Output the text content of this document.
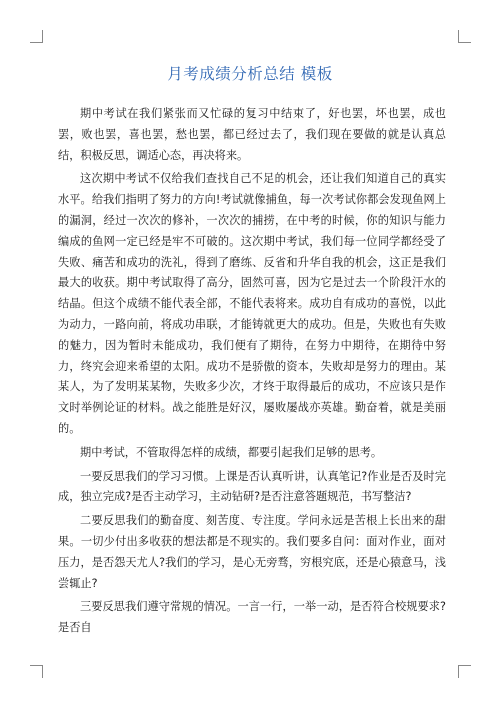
月考成绩分析总结 模板

期中考试在我们紧张而又忙碌的复习中结束了，好也罢，坏也罢，成也罢，败也罢，喜也罢，愁也罢，都已经过去了，我们现在要做的就是认真总结，积极反思，调适心态，再决将来。

这次期中考试不仅给我们查找自己不足的机会，还让我们知道自己的真实水平。给我们指明了努力的方向!考试就像捕鱼，每一次考试你都会发现鱼网上的漏洞，经过一次次的修补，一次次的捕捞，在中考的时候，你的知识与能力编成的鱼网一定已经是牢不可破的。这次期中考试，我们每一位同学都经受了失败、痛苦和成功的洗礼，得到了磨练、反省和升华自我的机会，这正是我们最大的收获。期中考试取得了高分，固然可喜，因为它是过去一个阶段汗水的结晶。但这个成绩不能代表全部，不能代表将来。成功自有成功的喜悦，以此为动力，一路向前，将成功串联，才能铸就更大的成功。但是，失败也有失败的魅力，因为暂时未能成功，我们便有了期待，在努力中期待，在期待中努力，终究会迎来希望的太阳。成功不是骄傲的资本，失败却是努力的理由。某某人，为了发明某某物，失败多少次，才终于取得最后的成功，不应该只是作文时举例论证的材料。战之能胜是好汉，屡败屡战亦英雄。勤奋着，就是美丽的。

期中考试，不管取得怎样的成绩，都要引起我们足够的思考。

一要反思我们的学习习惯。上课是否认真听讲，认真笔记?作业是否及时完成，独立完成?是否主动学习，主动钻研?是否注意答题规范，书写整洁?

二要反思我们的勤奋度、刻苦度、专注度。学问永远是苦根上长出来的甜果。一切少付出多收获的想法都是不现实的。我们要多自问：面对作业，面对压力，是否怨天尤人?我们的学习，是心无旁骛，穷根究底，还是心猿意马，浅尝辄止?

三要反思我们遵守常规的情况。一言一行，一举一动，是否符合校规要求?是否自
